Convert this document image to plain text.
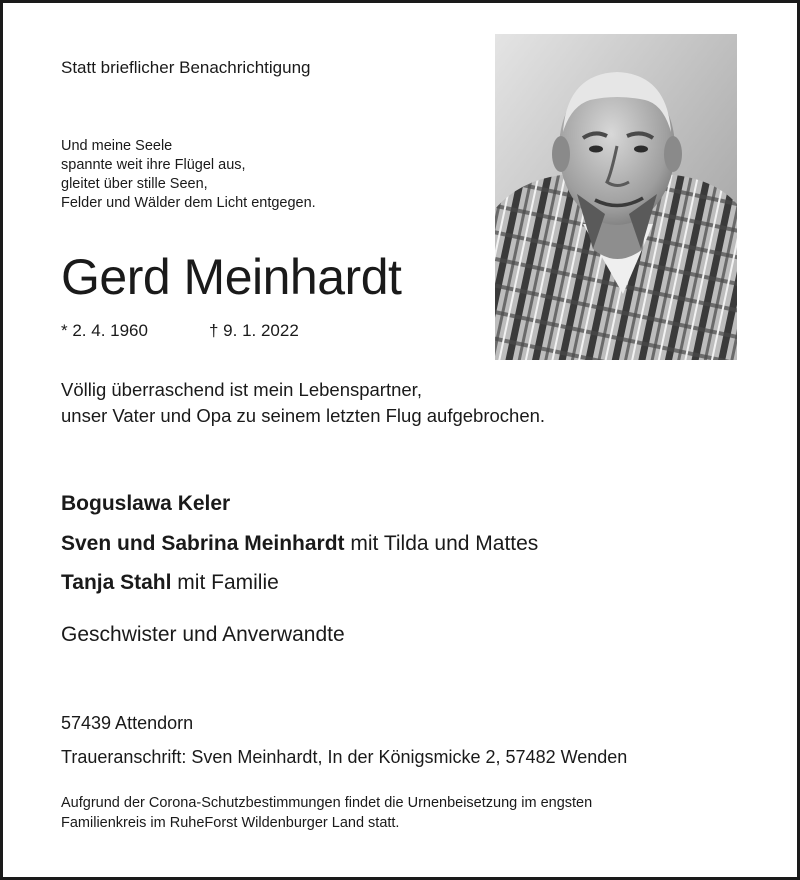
Statt brieflicher Benachrichtigung

Und meine Seele
spannte weit ihre Flügel aus,
gleitet über stille Seen,
Felder und Wälder dem Licht entgegen.
Gerd Meinhardt
* 2. 4. 1960	† 9. 1. 2022
Völlig überraschend ist mein Lebenspartner,
unser Vater und Opa zu seinem letzten Flug aufgebrochen.
Boguslawa Keler
Sven und Sabrina Meinhardt mit Tilda und Mattes
Tanja Stahl mit Familie
Geschwister und Anverwandte
57439 Attendorn
Traueranschrift: Sven Meinhardt, In der Königsmicke 2, 57482 Wenden
Aufgrund der Corona-Schutzbestimmungen findet die Urnenbeisetzung im engsten
Familienkreis im RuheForst Wildenburger Land statt.
